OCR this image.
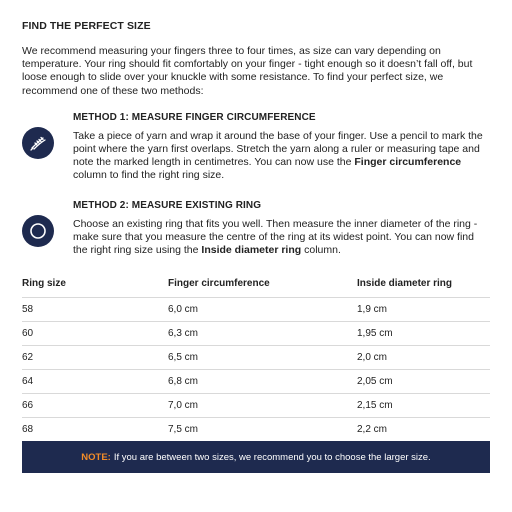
FIND THE PERFECT SIZE

We recommend measuring your fingers three to four times, as size can vary depending on temperature. Your ring should fit comfortably on your finger - tight enough so it doesn’t fall off, but loose enough to slide over your knuckle with some resistance. To find your perfect size, we recommend one of these two methods:

METHOD 1: MEASURE FINGER CIRCUMFERENCE

Take a piece of yarn and wrap it around the base of your finger. Use a pencil to mark the point where the yarn first overlaps. Stretch the yarn along a ruler or measuring tape and note the marked length in centimetres. You can now use the Finger circumference column to find the right ring size.

METHOD 2: MEASURE EXISTING RING

Choose an existing ring that fits you well. Then measure the inner diameter of the ring - make sure that you measure the centre of the ring at its widest point. You can now find the right ring size using the Inside diameter ring column.

Ring size	Finger circumference	Inside diameter ring
58	6,0 cm	1,9 cm
60	6,3 cm	1,95 cm
62	6,5 cm	2,0 cm
64	6,8 cm	2,05 cm
66	7,0 cm	2,15 cm
68	7,5 cm	2,2 cm
NOTE: If you are between two sizes, we recommend you to choose the larger size.
